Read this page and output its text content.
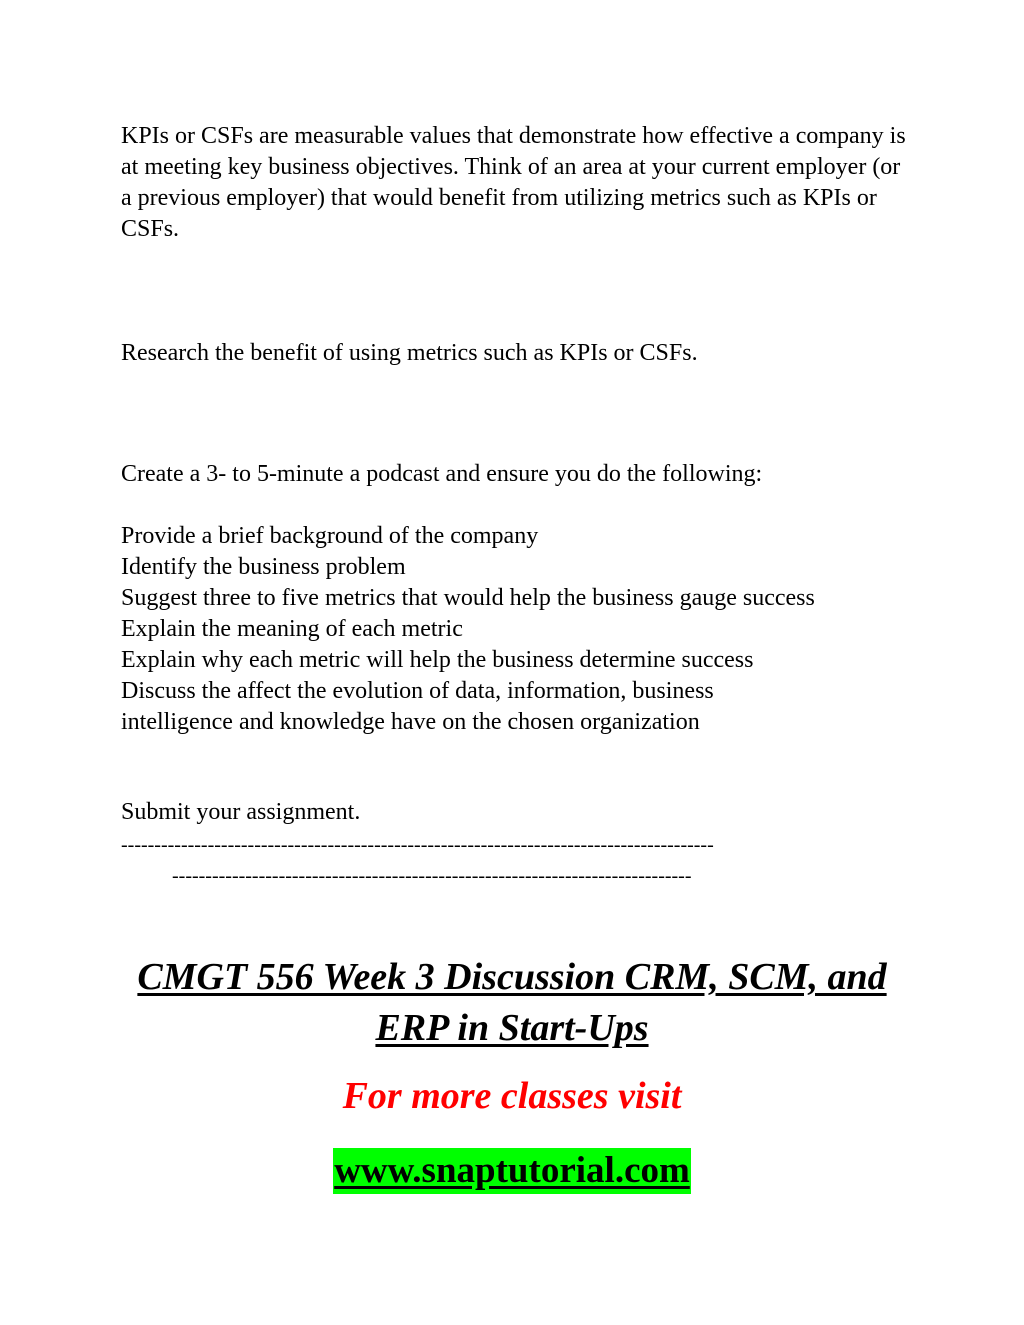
KPIs or CSFs are measurable values that demonstrate how effective a company is at meeting key business objectives. Think of an area at your current employer (or a previous employer) that would benefit from utilizing metrics such as KPIs or CSFs.
Research the benefit of using metrics such as KPIs or CSFs.
Create a 3- to 5-minute a podcast and ensure you do the following:
Provide a brief background of the company
Identify the business problem
Suggest three to five metrics that would help the business gauge success
Explain the meaning of each metric
Explain why each metric will help the business determine success
Discuss the affect the evolution of data, information, business intelligence and knowledge have on the chosen organization
Submit your assignment.
-----------------------------------------------------------------------------------------
------------------------------------------------------------------------------
CMGT 556 Week 3 Discussion CRM, SCM, and ERP in Start-Ups
For more classes visit
www.snaptutorial.com
